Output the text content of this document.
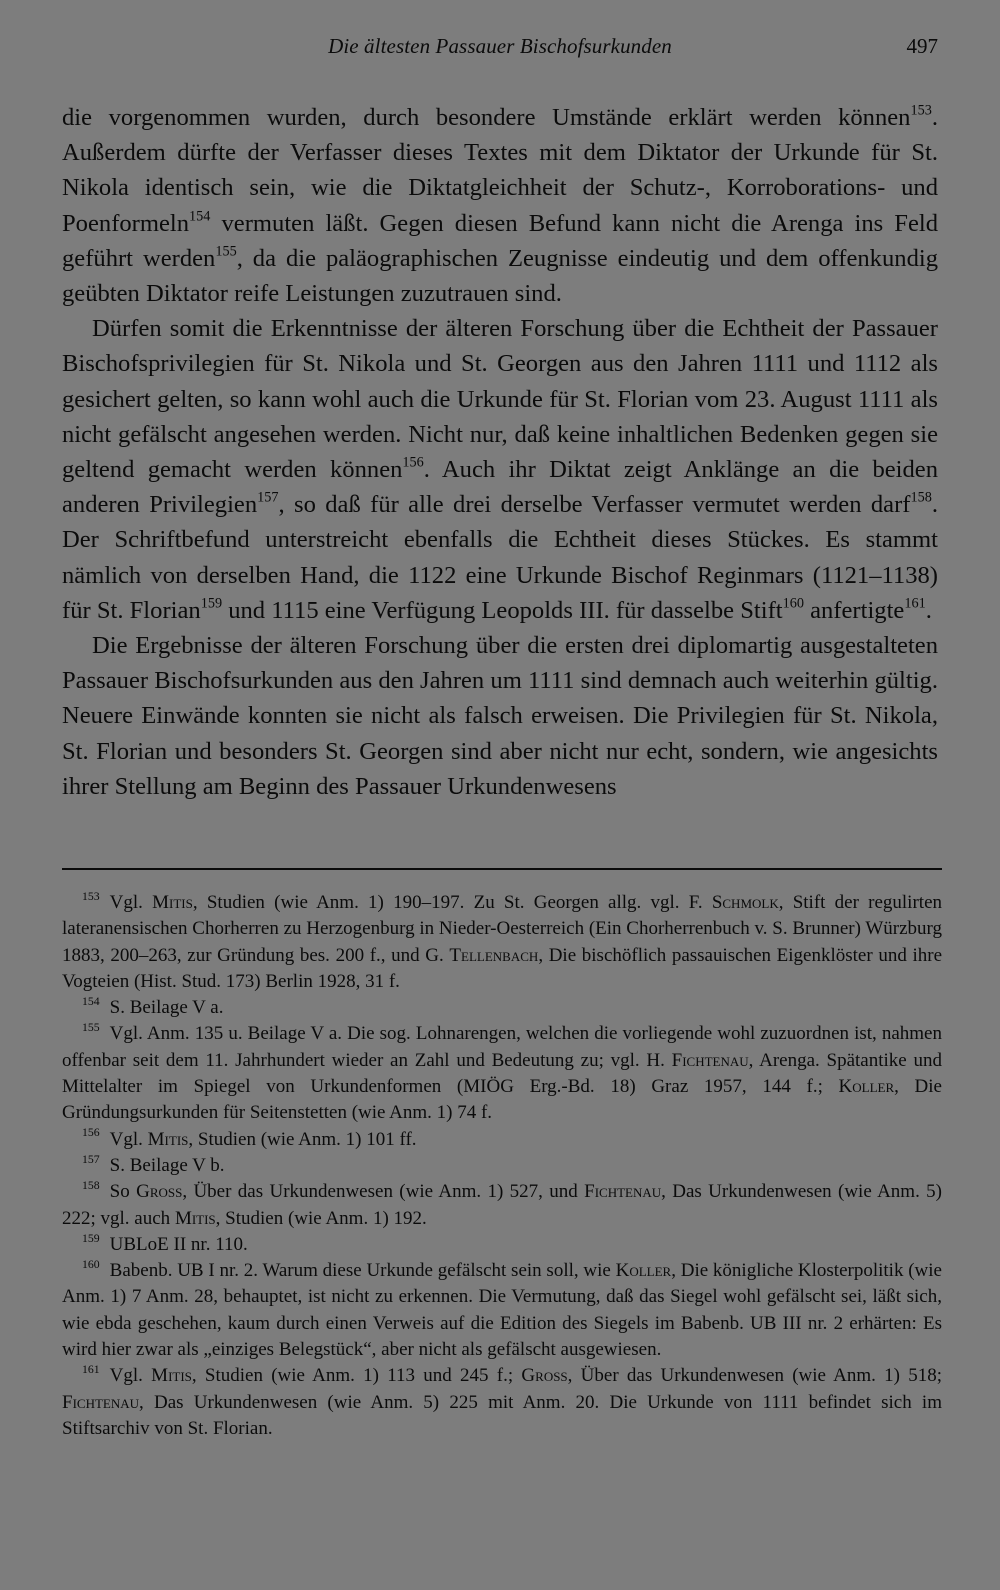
Die ältesten Passauer Bischofsurkunden	497

die vorgenommen wurden, durch besondere Umstände erklärt werden können$^{153}$. Außerdem dürfte der Verfasser dieses Textes mit dem Diktator der Urkunde für St. Nikola identisch sein, wie die Diktatgleichheit der Schutz-, Korroborations- und Poenformeln$^{154}$ vermuten läßt. Gegen diesen Befund kann nicht die Arenga ins Feld geführt werden$^{155}$, da die paläographischen Zeugnisse eindeutig und dem offenkundig geübten Diktator reife Leistungen zuzutrauen sind.

Dürfen somit die Erkenntnisse der älteren Forschung über die Echtheit der Passauer Bischofsprivilegien für St. Nikola und St. Georgen aus den Jahren 1111 und 1112 als gesichert gelten, so kann wohl auch die Urkunde für St. Florian vom 23. August 1111 als nicht gefälscht angesehen werden. Nicht nur, daß keine inhaltlichen Bedenken gegen sie geltend gemacht werden können$^{156}$. Auch ihr Diktat zeigt Anklänge an die beiden anderen Privilegien$^{157}$, so daß für alle drei derselbe Verfasser vermutet werden darf$^{158}$. Der Schriftbefund unterstreicht ebenfalls die Echtheit dieses Stückes. Es stammt nämlich von derselben Hand, die 1122 eine Urkunde Bischof Reginmars (1121–1138) für St. Florian$^{159}$ und 1115 eine Verfügung Leopolds III. für dasselbe Stift$^{160}$ anfertigte$^{161}$.

Die Ergebnisse der älteren Forschung über die ersten drei diplomartig ausgestalteten Passauer Bischofsurkunden aus den Jahren um 1111 sind demnach auch weiterhin gültig. Neuere Einwände konnten sie nicht als falsch erweisen. Die Privilegien für St. Nikola, St. Florian und besonders St. Georgen sind aber nicht nur echt, sondern, wie angesichts ihrer Stellung am Beginn des Passauer Urkundenwesens

$^{153}$ Vgl. Mitis, Studien (wie Anm. 1) 190–197. Zu St. Georgen allg. vgl. F. Schmolk, Stift der regulirten lateranensischen Chorherren zu Herzogenburg in Nieder-Oesterreich (Ein Chorherrenbuch v. S. Brunner) Würzburg 1883, 200–263, zur Gründung bes. 200 f., und G. Tellenbach, Die bischöflich passauischen Eigenklöster und ihre Vogteien (Hist. Stud. 173) Berlin 1928, 31 f.

$^{154}$ S. Beilage V a.

$^{155}$ Vgl. Anm. 135 u. Beilage V a. Die sog. Lohnarengen, welchen die vorliegende wohl zuzuordnen ist, nahmen offenbar seit dem 11. Jahrhundert wieder an Zahl und Bedeutung zu; vgl. H. Fichtenau, Arenga. Spätantike und Mittelalter im Spiegel von Urkundenformen (MIÖG Erg.-Bd. 18) Graz 1957, 144 f.; Koller, Die Gründungsurkunden für Seitenstetten (wie Anm. 1) 74 f.

$^{156}$ Vgl. Mitis, Studien (wie Anm. 1) 101 ff.

$^{157}$ S. Beilage V b.

$^{158}$ So Gross, Über das Urkundenwesen (wie Anm. 1) 527, und Fichtenau, Das Urkundenwesen (wie Anm. 5) 222; vgl. auch Mitis, Studien (wie Anm. 1) 192.

$^{159}$ UBLoE II nr. 110.

$^{160}$ Babenb. UB I nr. 2. Warum diese Urkunde gefälscht sein soll, wie Koller, Die königliche Klosterpolitik (wie Anm. 1) 7 Anm. 28, behauptet, ist nicht zu erkennen. Die Vermutung, daß das Siegel wohl gefälscht sei, läßt sich, wie ebda geschehen, kaum durch einen Verweis auf die Edition des Siegels im Babenb. UB III nr. 2 erhärten: Es wird hier zwar als „einziges Belegstück“, aber nicht als gefälscht ausgewiesen.

$^{161}$ Vgl. Mitis, Studien (wie Anm. 1) 113 und 245 f.; Gross, Über das Urkundenwesen (wie Anm. 1) 518; Fichtenau, Das Urkundenwesen (wie Anm. 5) 225 mit Anm. 20. Die Urkunde von 1111 befindet sich im Stiftsarchiv von St. Florian.
